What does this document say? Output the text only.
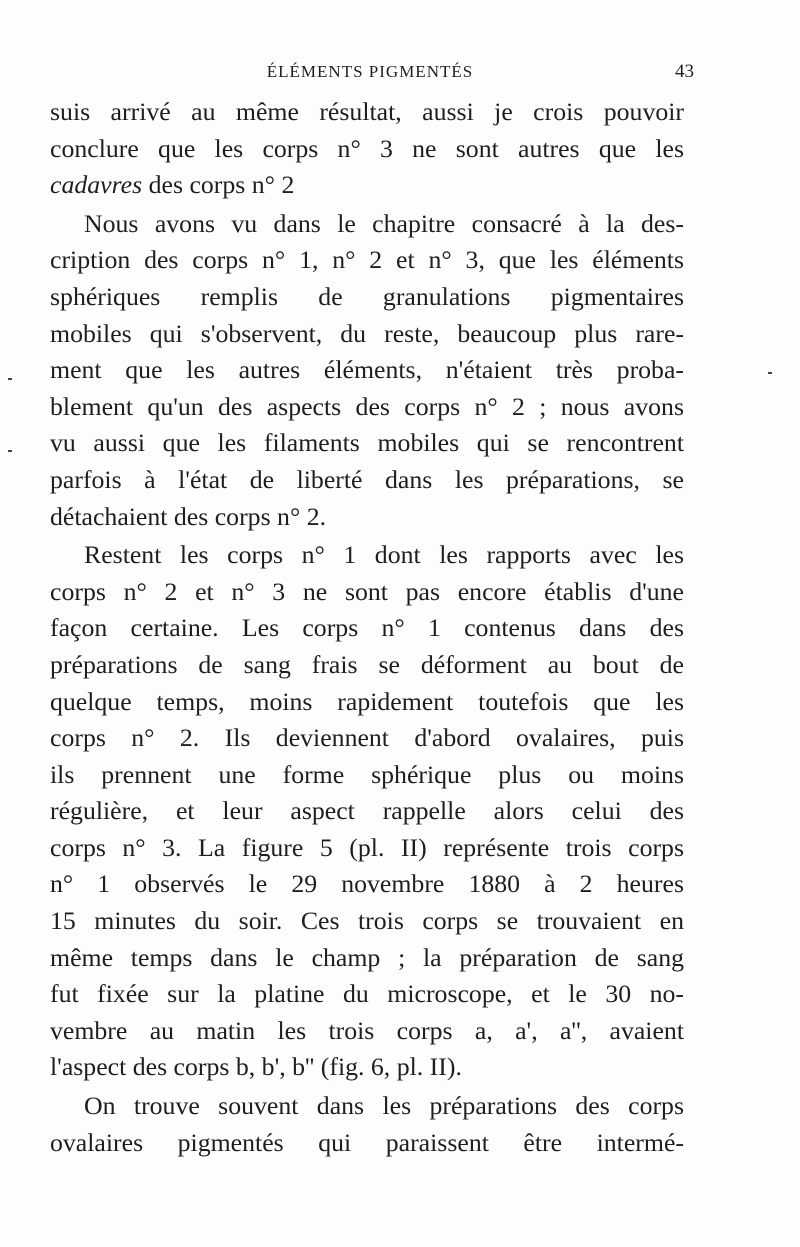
ÉLÉMENTS PIGMENTÉS	43

suis arrivé au même résultat, aussi je crois pouvoir
conclure que les corps n° 3 ne sont autres que les
cadavres des corps n° 2

Nous avons vu dans le chapitre consacré à la des-
cription des corps n° 1, n° 2 et n° 3, que les éléments
sphériques remplis de granulations pigmentaires
mobiles qui s'observent, du reste, beaucoup plus rare-
ment que les autres éléments, n'étaient très proba-
blement qu'un des aspects des corps n° 2 ; nous avons
vu aussi que les filaments mobiles qui se rencontrent
parfois à l'état de liberté dans les préparations, se
détachaient des corps n° 2.

Restent les corps n° 1 dont les rapports avec les
corps n° 2 et n° 3 ne sont pas encore établis d'une
façon certaine. Les corps n° 1 contenus dans des
préparations de sang frais se déforment au bout de
quelque temps, moins rapidement toutefois que les
corps n° 2. Ils deviennent d'abord ovalaires, puis
ils prennent une forme sphérique plus ou moins
régulière, et leur aspect rappelle alors celui des
corps n° 3. La figure 5 (pl. II) représente trois corps
n° 1 observés le 29 novembre 1880 à 2 heures
15 minutes du soir. Ces trois corps se trouvaient en
même temps dans le champ ; la préparation de sang
fut fixée sur la platine du microscope, et le 30 no-
vembre au matin les trois corps a, a', a'', avaient
l'aspect des corps b, b', b'' (fig. 6, pl. II).

On trouve souvent dans les préparations des corps
ovalaires pigmentés qui paraissent être intermé-
